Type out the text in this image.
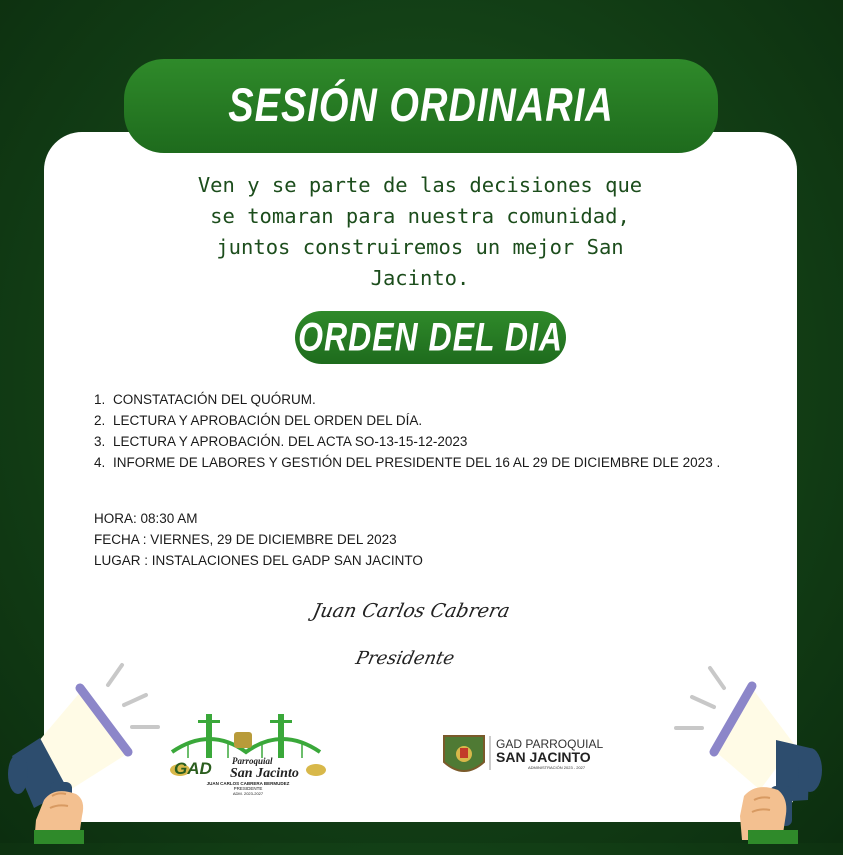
SESIÓN ORDINARIA
Ven y se parte de las decisiones que
se tomaran para nuestra comunidad,
juntos construiremos un mejor San
Jacinto.
ORDEN DEL DIA
1. CONSTATACIÓN DEL QUÓRUM.
2. LECTURA Y APROBACIÓN DEL ORDEN DEL DÍA.
3. LECTURA Y APROBACIÓN. DEL ACTA SO-13-15-12-2023
4. INFORME DE LABORES Y GESTIÓN DEL PRESIDENTE DEL 16 AL 29 DE DICIEMBRE DLE 2023 .
HORA: 08:30 AM
FECHA : VIERNES, 29 DE DICIEMBRE DEL 2023
LUGAR : INSTALACIONES DEL GADP SAN JACINTO
Juan Carlos Cabrera
Presidente
GAD Parroquial
San Jacinto
JUAN CARLOS CABRERA BERMUDEZ
PRESIDENTE
ADM. 2023-2027
GAD PARROQUIAL
SAN JACINTO
ADMINISTRACIÓN 2023 - 2027
